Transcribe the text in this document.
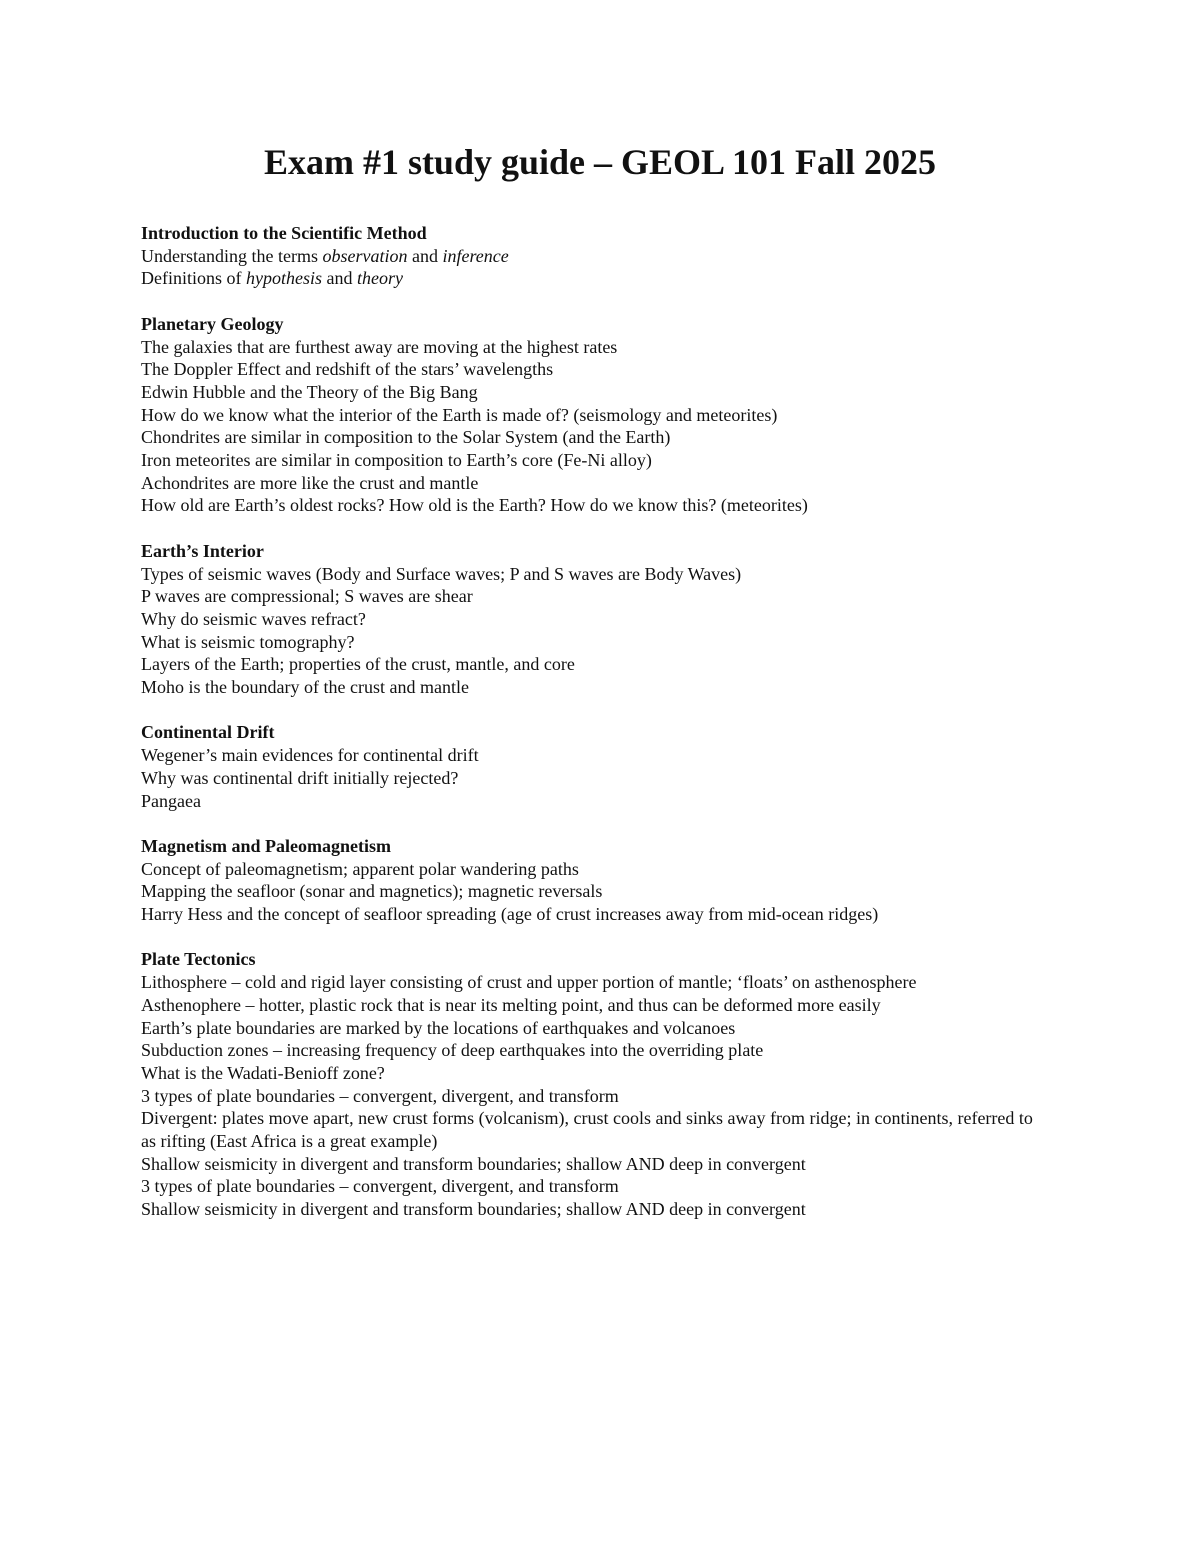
Exam #1 study guide – GEOL 101 Fall 2025
Introduction to the Scientific Method
Understanding the terms observation and inference
Definitions of hypothesis and theory
Planetary Geology
The galaxies that are furthest away are moving at the highest rates
The Doppler Effect and redshift of the stars’ wavelengths
Edwin Hubble and the Theory of the Big Bang
How do we know what the interior of the Earth is made of? (seismology and meteorites)
Chondrites are similar in composition to the Solar System (and the Earth)
Iron meteorites are similar in composition to Earth’s core (Fe-Ni alloy)
Achondrites are more like the crust and mantle
How old are Earth’s oldest rocks? How old is the Earth? How do we know this? (meteorites)
Earth’s Interior
Types of seismic waves (Body and Surface waves; P and S waves are Body Waves)
P waves are compressional; S waves are shear
Why do seismic waves refract?
What is seismic tomography?
Layers of the Earth; properties of the crust, mantle, and core
Moho is the boundary of the crust and mantle
Continental Drift
Wegener’s main evidences for continental drift
Why was continental drift initially rejected?
Pangaea
Magnetism and Paleomagnetism
Concept of paleomagnetism; apparent polar wandering paths
Mapping the seafloor (sonar and magnetics); magnetic reversals
Harry Hess and the concept of seafloor spreading (age of crust increases away from mid-ocean ridges)
Plate Tectonics
Lithosphere – cold and rigid layer consisting of crust and upper portion of mantle; ‘floats’ on asthenosphere
Asthenophere – hotter, plastic rock that is near its melting point, and thus can be deformed more easily
Earth’s plate boundaries are marked by the locations of earthquakes and volcanoes
Subduction zones – increasing frequency of deep earthquakes into the overriding plate
What is the Wadati-Benioff zone?
3 types of plate boundaries – convergent, divergent, and transform
Divergent: plates move apart, new crust forms (volcanism), crust cools and sinks away from ridge; in continents, referred to as rifting (East Africa is a great example)
Shallow seismicity in divergent and transform boundaries; shallow AND deep in convergent
3 types of plate boundaries – convergent, divergent, and transform
Shallow seismicity in divergent and transform boundaries; shallow AND deep in convergent
